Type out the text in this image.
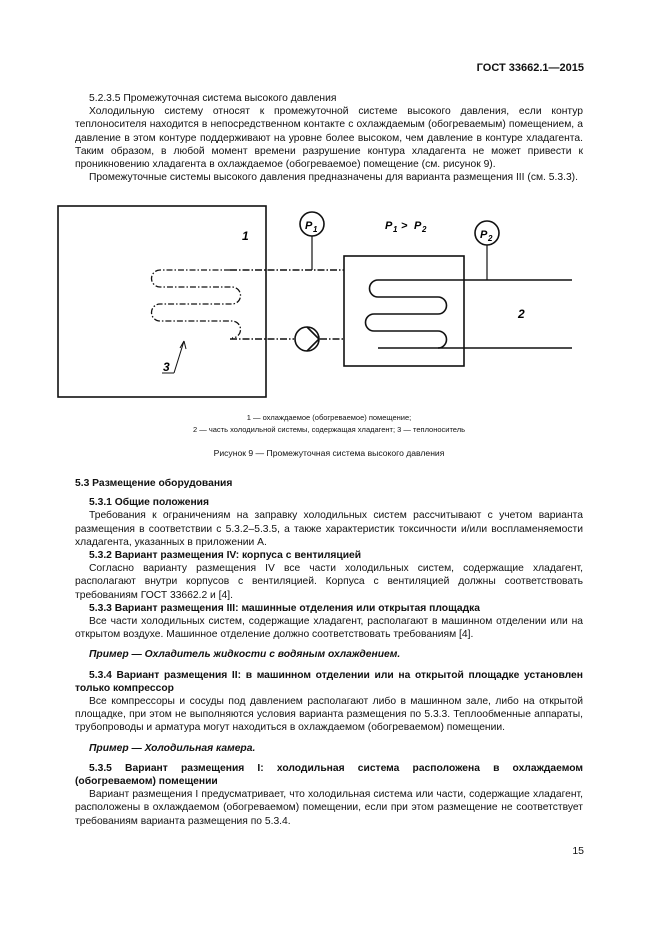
ГОСТ 33662.1—2015

5.2.3.5 Промежуточная система высокого давления

Холодильную систему относят к промежуточной системе высокого давления, если контур теплоносителя находится в непосредственном контакте с охлаждаемым (обогреваемым) помещением, а давление в этом контуре поддерживают на уровне более высоком, чем давление в контуре хладагента. Таким образом, в любой момент времени разрушение контура хладагента не может привести к проникновению хладагента в охлаждаемое (обогреваемое) помещение (см. рисунок 9).

Промежуточные системы высокого давления предназначены для варианта размещения III (см. 5.3.3).

P 1	P 2
P 1 > P 2
1
2
3
1 — охлаждаемое (обогреваемое) помещение;
2 — часть холодильной системы, содержащая хладагент; 3 — теплоноситель
Рисунок 9 — Промежуточная система высокого давления

5.3 Размещение оборудования

5.3.1 Общие положения

Требования к ограничениям на заправку холодильных систем рассчитывают с учетом варианта размещения в соответствии с 5.3.2–5.3.5, а также характеристик токсичности и/или воспламеняемости хладагента, указанных в приложении А.

5.3.2 Вариант размещения IV: корпуса с вентиляцией

Согласно варианту размещения IV все части холодильных систем, содержащие хладагент, располагают внутри корпусов с вентиляцией. Корпуса с вентиляцией должны соответствовать требованиям ГОСТ 33662.2 и [4].

5.3.3 Вариант размещения III: машинные отделения или открытая площадка

Все части холодильных систем, содержащие хладагент, располагают в машинном отделении или на открытом воздухе. Машинное отделение должно соответствовать требованиям [4].

Пример — Охладитель жидкости с водяным охлаждением.

5.3.4 Вариант размещения II: в машинном отделении или на открытой площадке установлен только компрессор

Все компрессоры и сосуды под давлением располагают либо в машинном зале, либо на открытой площадке, при этом не выполняются условия варианта размещения по 5.3.3. Теплообменные аппараты, трубопроводы и арматура могут находиться в охлаждаемом (обогреваемом) помещении.

Пример — Холодильная камера.

5.3.5 Вариант размещения I: холодильная система расположена в охлаждаемом (обогреваемом) помещении

Вариант размещения I предусматривает, что холодильная система или части, содержащие хладагент, расположены в охлаждаемом (обогреваемом) помещении, если при этом размещение не соответствует требованиям варианта размещения по 5.3.4.

15
